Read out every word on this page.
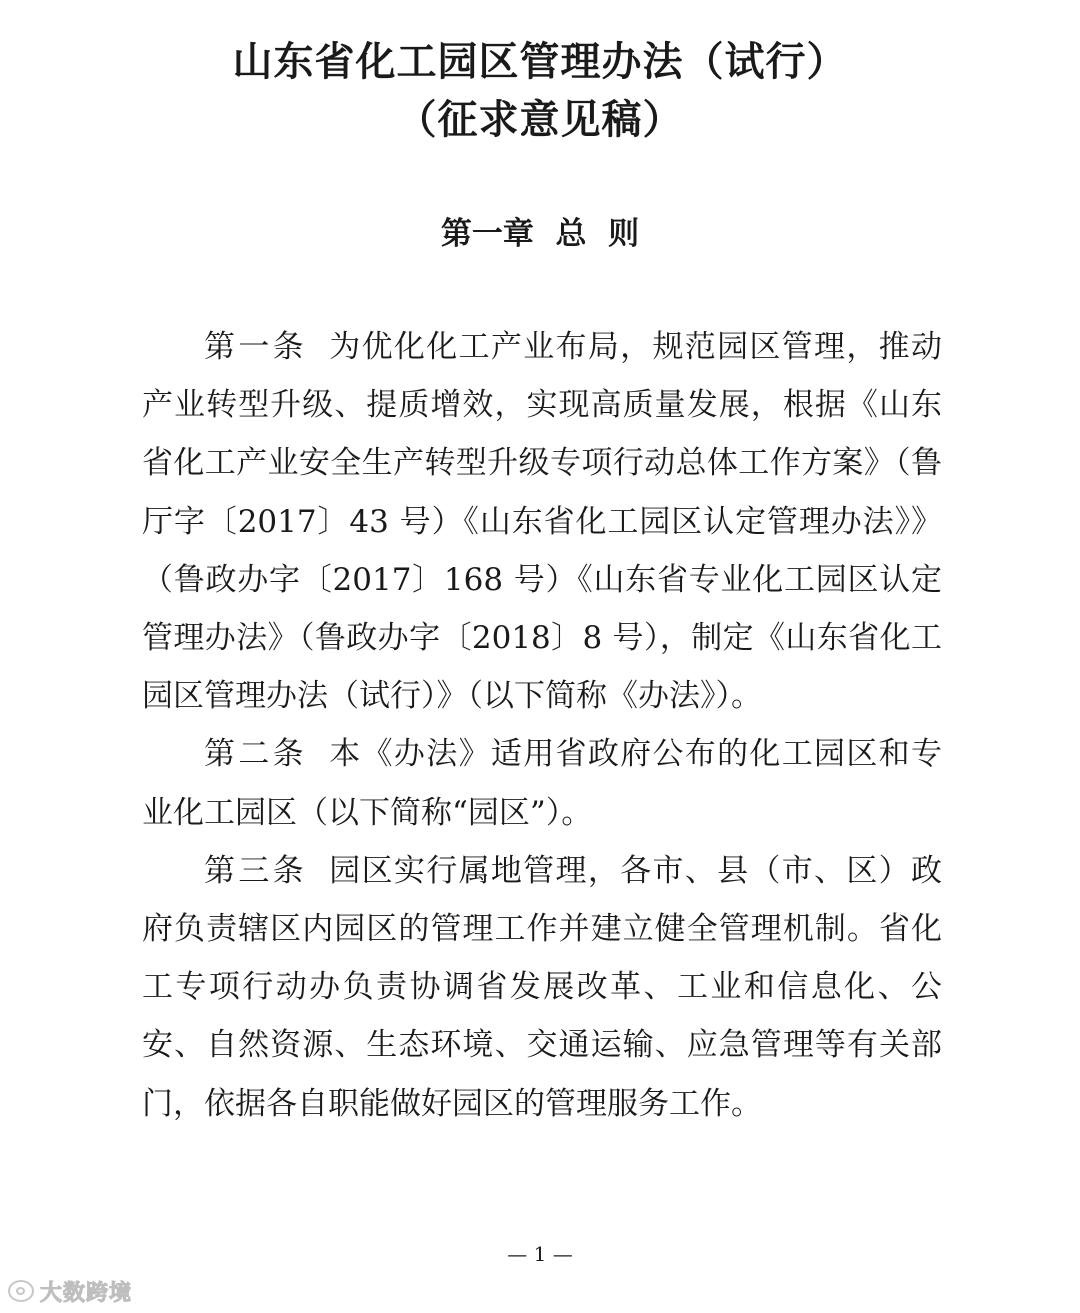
山东省化工园区管理办法（试行）
（征求意见稿）
第一章  总  则

第一条 为优化化工产业布局，规范园区管理，推动产业转型升级、提质增效，实现高质量发展，根据《山东省化工产业安全生产转型升级专项行动总体工作方案》（鲁厅字〔2017〕43 号）《山东省化工园区认定管理办法》》（鲁政办字〔2017〕168 号）《山东省专业化工园区认定管理办法》（鲁政办字〔2018〕8 号），制定《山东省化工园区管理办法（试行）》（以下简称《办法》）。

第二条 本《办法》适用省政府公布的化工园区和专业化工园区（以下简称“园区”）。

第三条 园区实行属地管理，各市、县（市、区）政府负责辖区内园区的管理工作并建立健全管理机制。省化工专项行动办负责协调省发展改革、工业和信息化、公安、自然资源、生态环境、交通运输、应急管理等有关部门，依据各自职能做好园区的管理服务工作。

— 1 —
大数跨境
